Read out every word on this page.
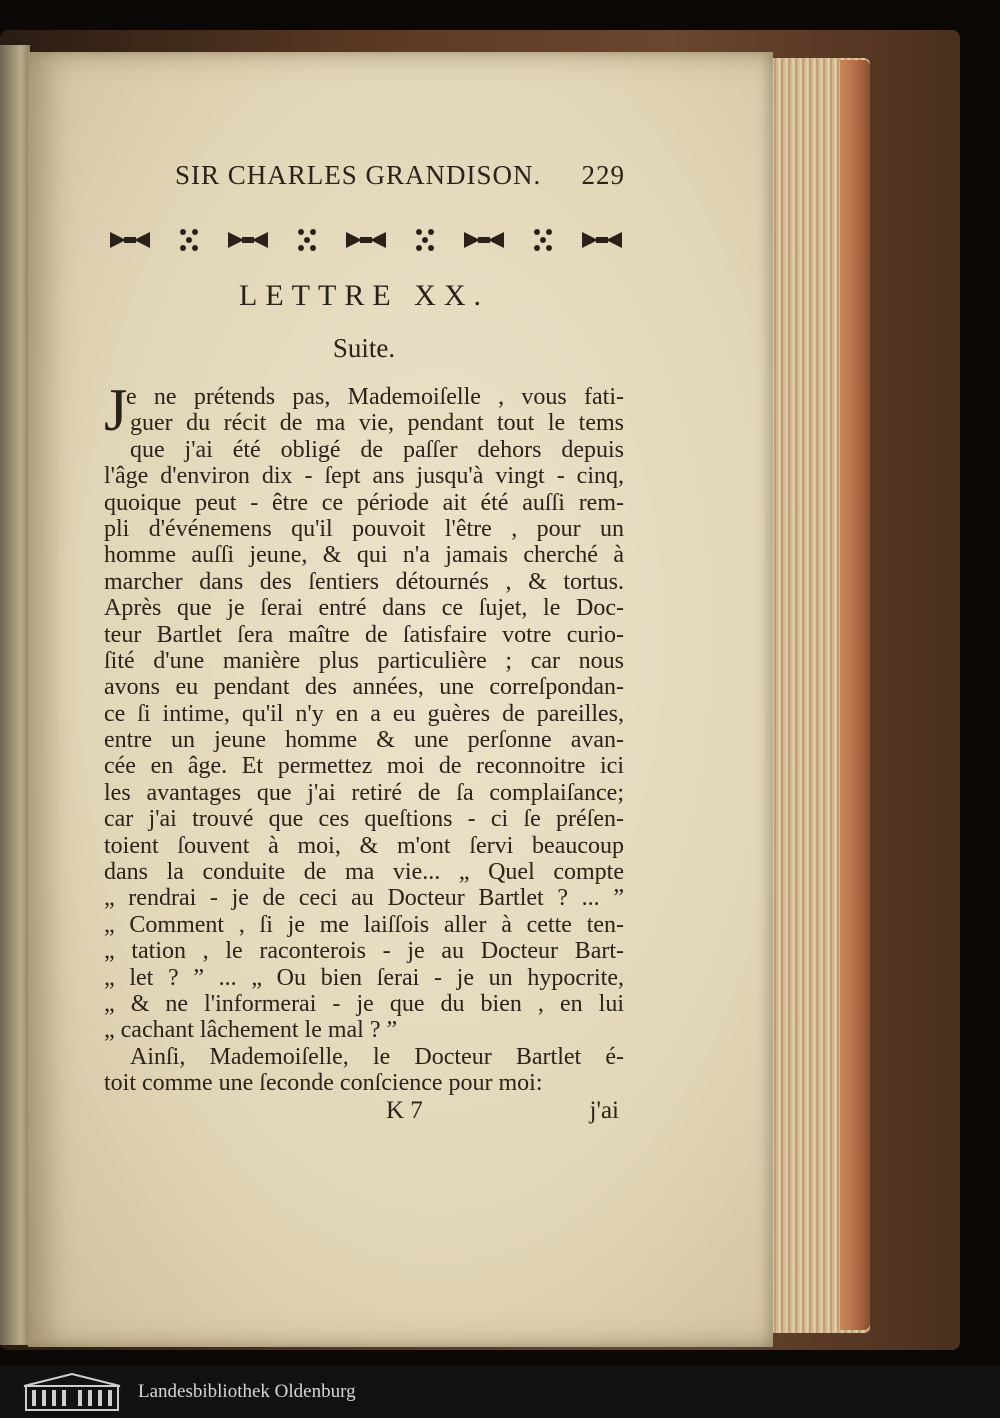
SIR CHARLES GRANDISON. 229
LETTRE XX.
Suite.
J
e ne prétends pas, Mademoiſelle , vous fati-
guer du récit de ma vie, pendant tout le tems
que j'ai été obligé de paſſer dehors depuis
l'âge d'environ dix - ſept ans jusqu'à vingt - cinq,
quoique peut - être ce période ait été auſſi rem-
pli d'événemens qu'il pouvoit l'être , pour un
homme auſſi jeune, & qui n'a jamais cherché à
marcher dans des ſentiers détournés , & tortus.
Après que je ſerai entré dans ce ſujet, le Doc-
teur Bartlet ſera maître de ſatisfaire votre curio-
ſité d'une manière plus particulière ; car nous
avons eu pendant des années, une correſpondan-
ce ſi intime, qu'il n'y en a eu guères de pareilles,
entre un jeune homme & une perſonne avan-
cée en âge. Et permettez moi de reconnoitre ici
les avantages que j'ai retiré de ſa complaiſance;
car j'ai trouvé que ces queſtions - ci ſe préſen-
toient ſouvent à moi, & m'ont ſervi beaucoup
dans la conduite de ma vie... „ Quel compte
„ rendrai - je de ceci au Docteur Bartlet ? ... ”
„ Comment , ſi je me laiſſois aller à cette ten-
„ tation , le raconterois - je au Docteur Bart-
„ let ? ” ... „ Ou bien ſerai - je un hypocrite,
„ & ne l'informerai - je que du bien , en lui
„ cachant lâchement le mal ? ”
Ainſi, Mademoiſelle, le Docteur Bartlet é-
toit comme une ſeconde conſcience pour moi:
K 7	j'ai
Landesbibliothek Oldenburg
